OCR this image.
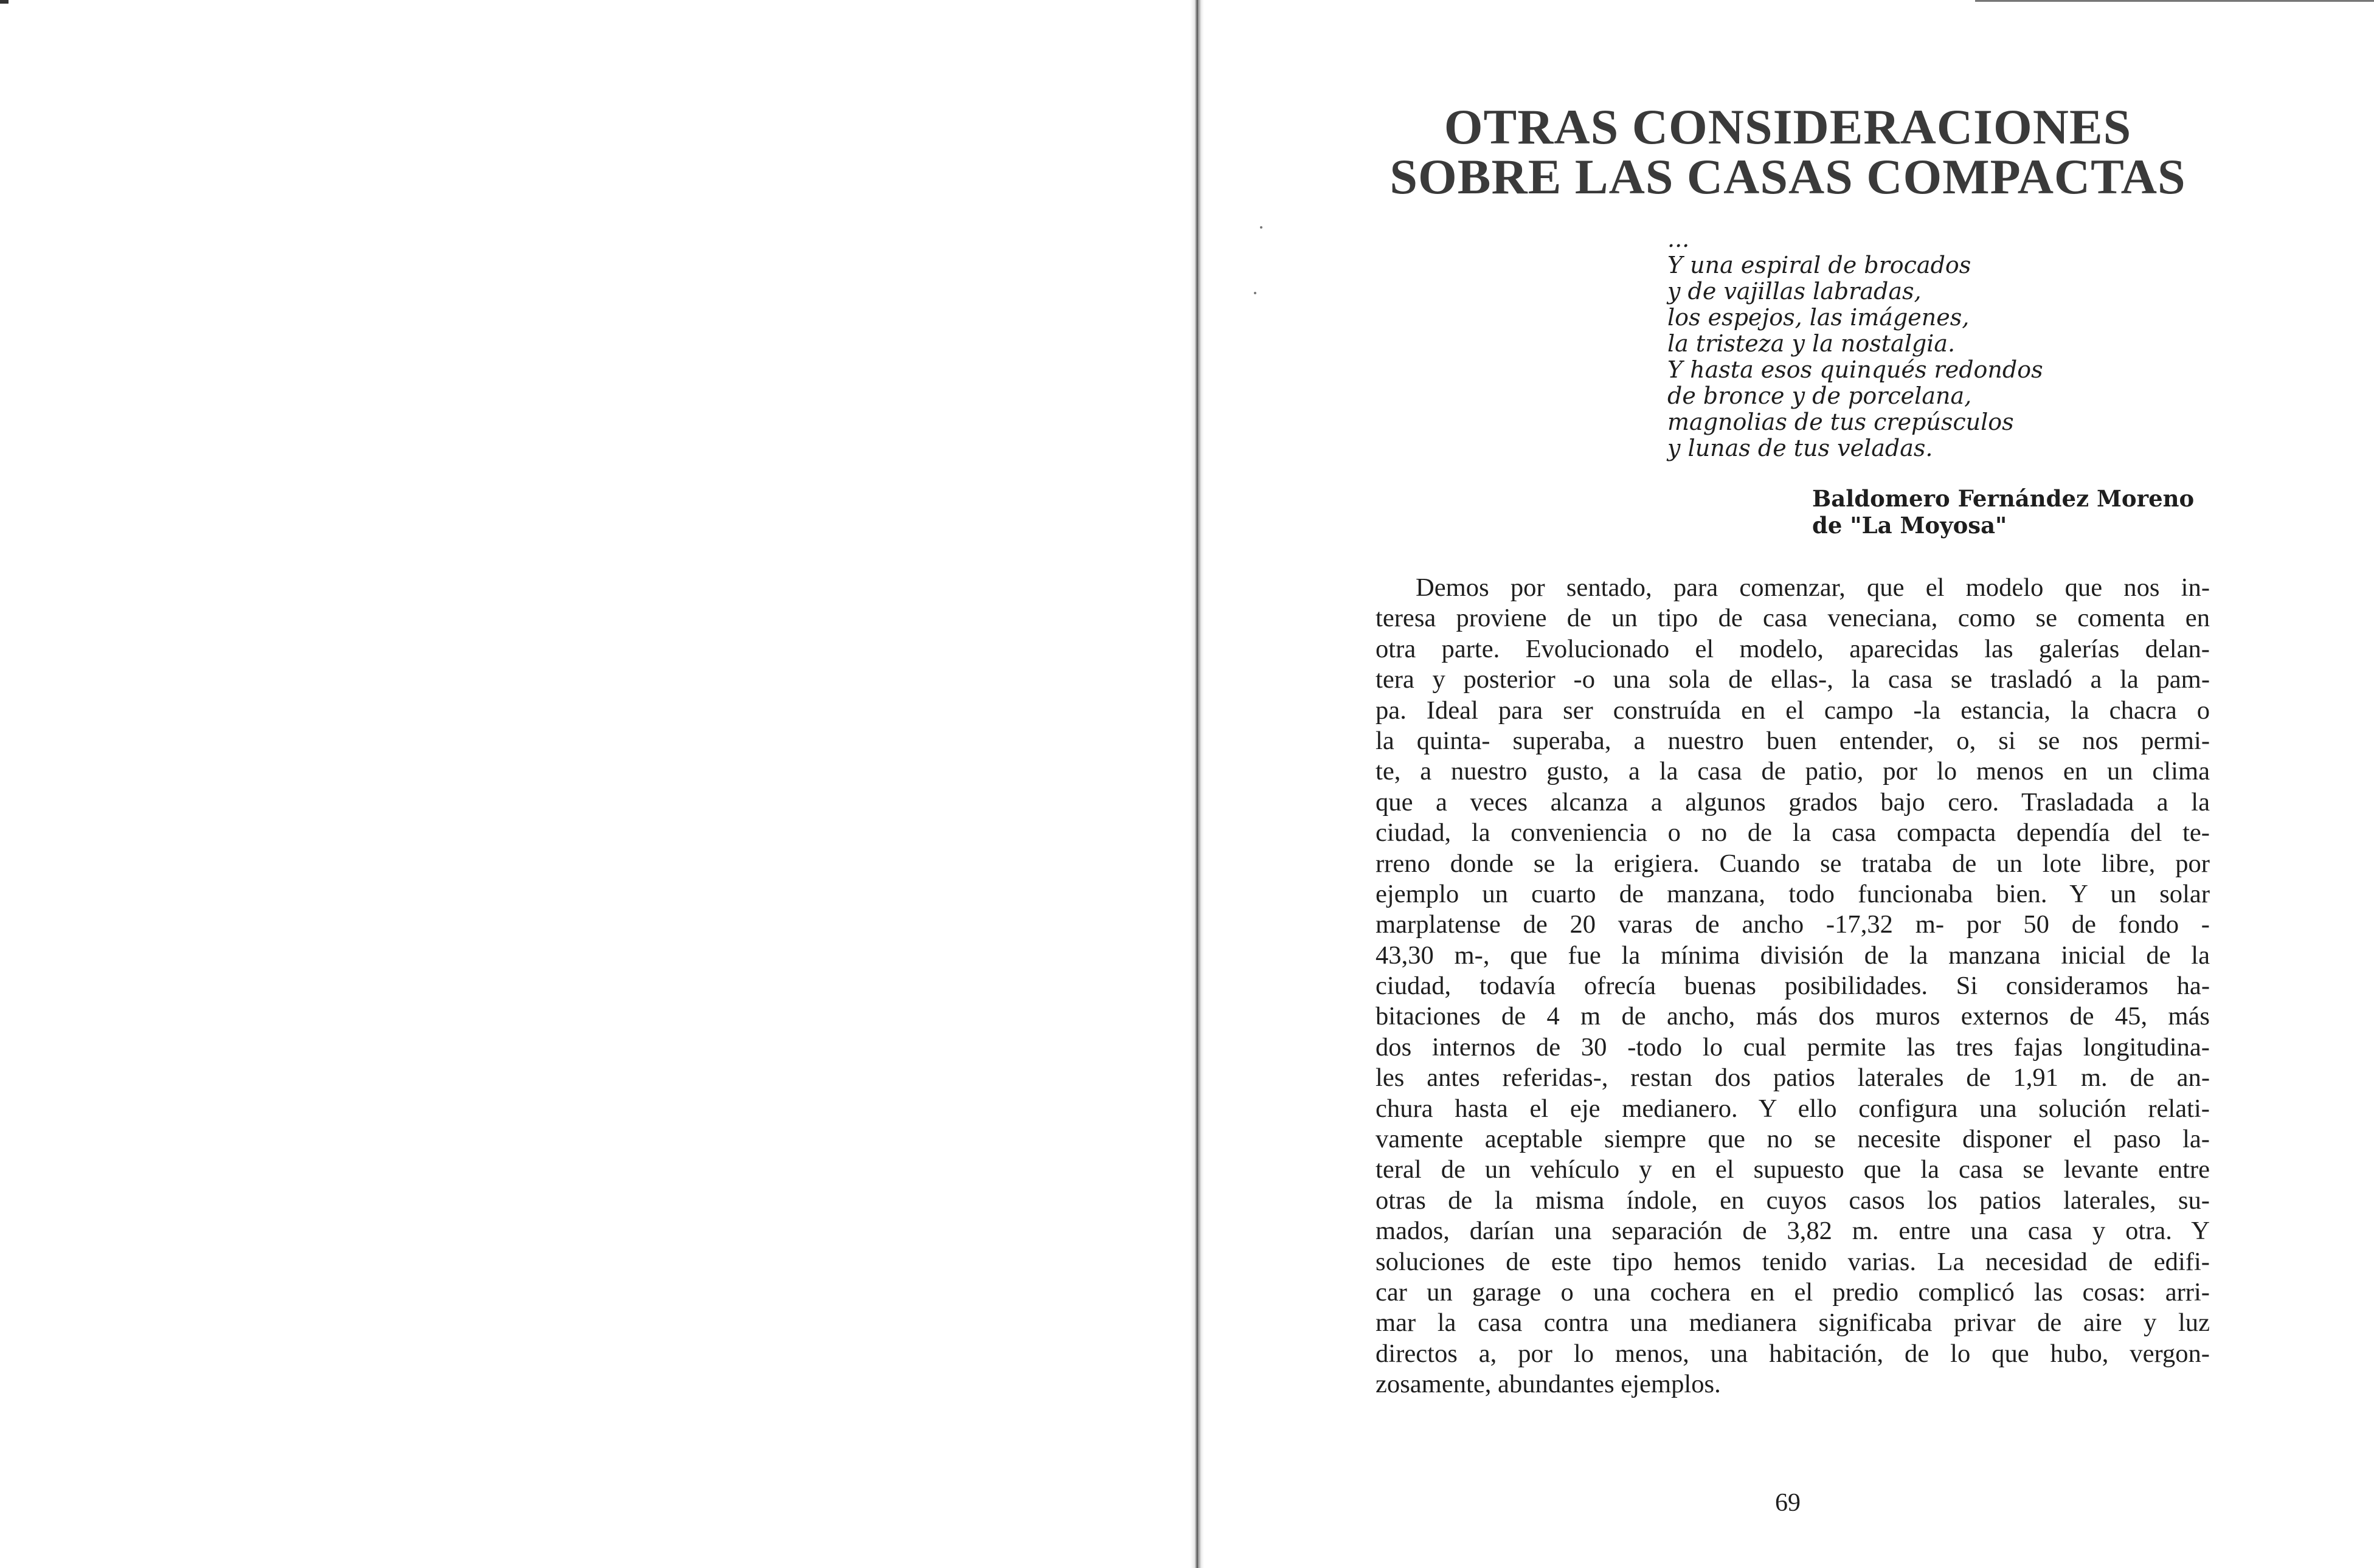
OTRAS CONSIDERACIONES
SOBRE LAS CASAS COMPACTAS
...
Y una espiral de brocados
y de vajillas labradas,
los espejos, las imágenes,
la tristeza y la nostalgia.
Y hasta esos quinqués redondos
de bronce y de porcelana,
magnolias de tus crepúsculos
y lunas de tus veladas.
Baldomero Fernández Moreno
de "La Moyosa"
Demos por sentado, para comenzar, que el modelo que nos in-
teresa proviene de un tipo de casa veneciana, como se comenta en
otra parte. Evolucionado el modelo, aparecidas las galerías delan-
tera y posterior -o una sola de ellas-, la casa se trasladó a la pam-
pa. Ideal para ser construída en el campo -la estancia, la chacra o
la quinta- superaba, a nuestro buen entender, o, si se nos permi-
te, a nuestro gusto, a la casa de patio, por lo menos en un clima
que a veces alcanza a algunos grados bajo cero. Trasladada a la
ciudad, la conveniencia o no de la casa compacta dependía del te-
rreno donde se la erigiera. Cuando se trataba de un lote libre, por
ejemplo un cuarto de manzana, todo funcionaba bien. Y un solar
marplatense de 20 varas de ancho -17,32 m- por 50 de fondo -
43,30 m-, que fue la mínima división de la manzana inicial de la
ciudad, todavía ofrecía buenas posibilidades. Si consideramos ha-
bitaciones de 4 m de ancho, más dos muros externos de 45, más
dos internos de 30 -todo lo cual permite las tres fajas longitudina-
les antes referidas-, restan dos patios laterales de 1,91 m. de an-
chura hasta el eje medianero. Y ello configura una solución relati-
vamente aceptable siempre que no se necesite disponer el paso la-
teral de un vehículo y en el supuesto que la casa se levante entre
otras de la misma índole, en cuyos casos los patios laterales, su-
mados, darían una separación de 3,82 m. entre una casa y otra. Y
soluciones de este tipo hemos tenido varias. La necesidad de edifi-
car un garage o una cochera en el predio complicó las cosas: arri-
mar la casa contra una medianera significaba privar de aire y luz
directos a, por lo menos, una habitación, de lo que hubo, vergon-
zosamente, abundantes ejemplos.
69
